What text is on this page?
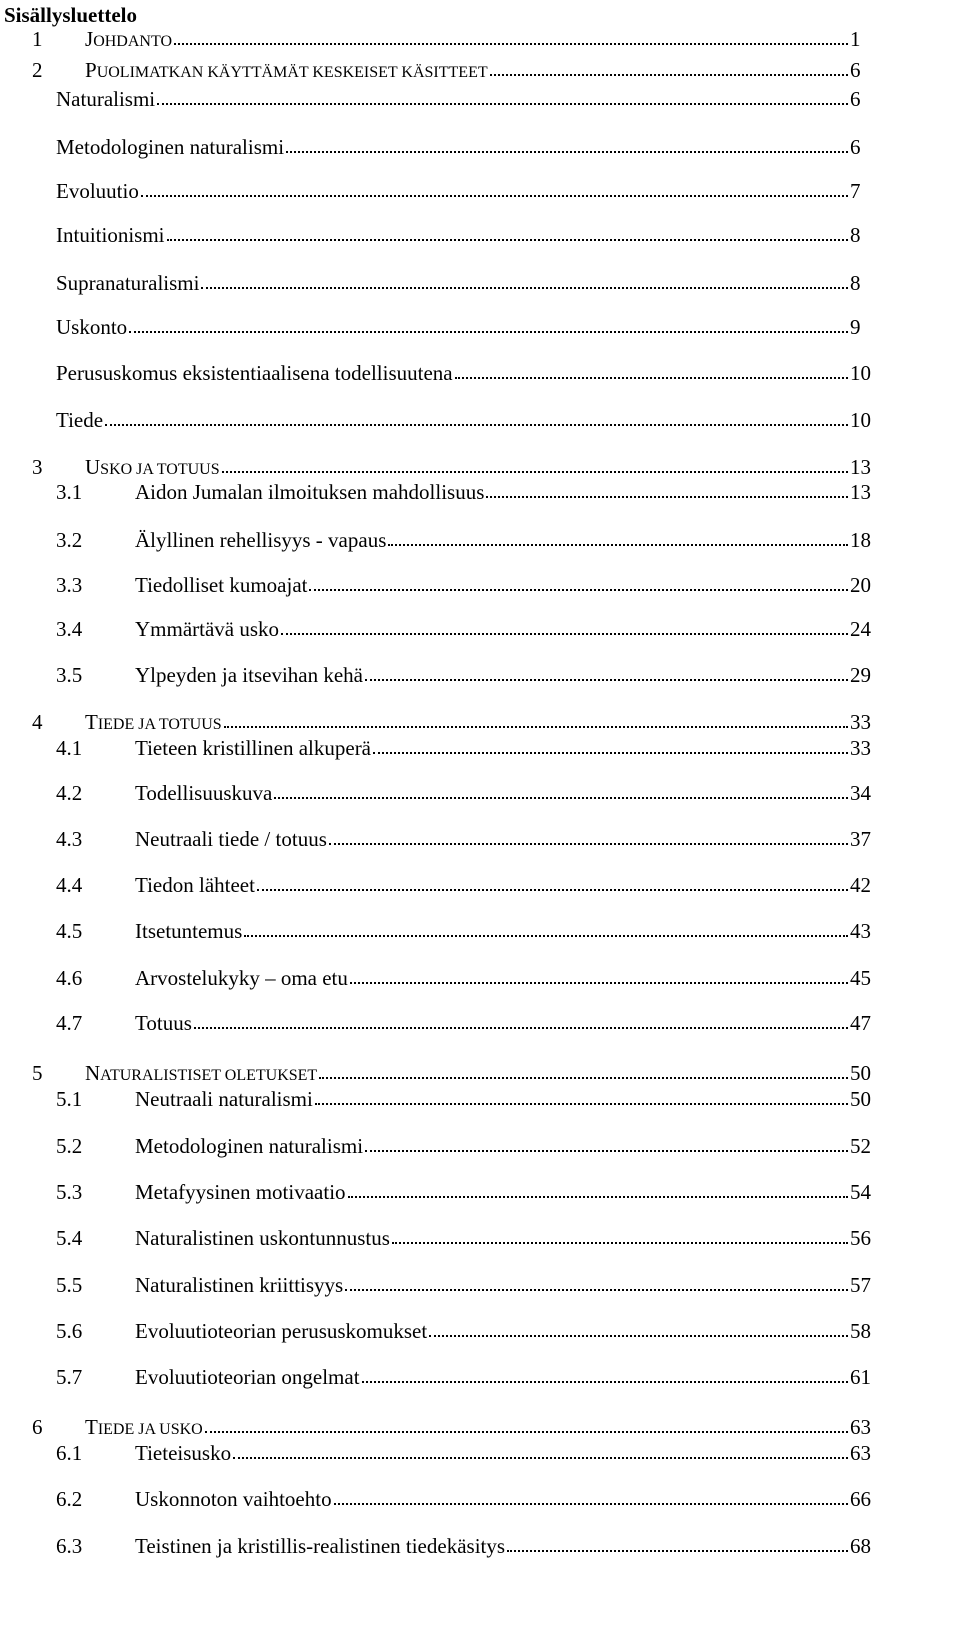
Sisällysluettelo
1 JOHDANTO	1
2 PUOLIMATKAN KÄYTTÄMÄT KESKEISET KÄSITTEET	6
Naturalismi	6
Metodologinen naturalismi	6
Evoluutio	7
Intuitionismi	8
Supranaturalismi	8
Uskonto	9
Perususkomus eksistentiaalisena todellisuutena	10
Tiede	10
3 USKO JA TOTUUS	13
3.1	Aidon Jumalan ilmoituksen mahdollisuus	13
3.2	Älyllinen rehellisyys - vapaus	18
3.3	Tiedolliset kumoajat	20
3.4	Ymmärtävä usko	24
3.5	Ylpeyden ja itsevihan kehä	29
4 TIEDE JA TOTUUS	33
4.1	Tieteen kristillinen alkuperä	33
4.2	Todellisuuskuva	34
4.3	Neutraali tiede / totuus	37
4.4	Tiedon lähteet	42
4.5	Itsetuntemus	43
4.6	Arvostelukyky – oma etu	45
4.7	Totuus	47
5 NATURALISTISET OLETUKSET	50
5.1	Neutraali naturalismi	50
5.2	Metodologinen naturalismi	52
5.3	Metafyysinen motivaatio	54
5.4	Naturalistinen uskontunnustus	56
5.5	Naturalistinen kriittisyys	57
5.6	Evoluutioteorian perususkomukset	58
5.7	Evoluutioteorian ongelmat	61
6 TIEDE JA USKO	63
6.1	Tieteisusko	63
6.2	Uskonnoton vaihtoehto	66
6.3	Teistinen ja kristillis-realistinen tiedekäsitys	68
